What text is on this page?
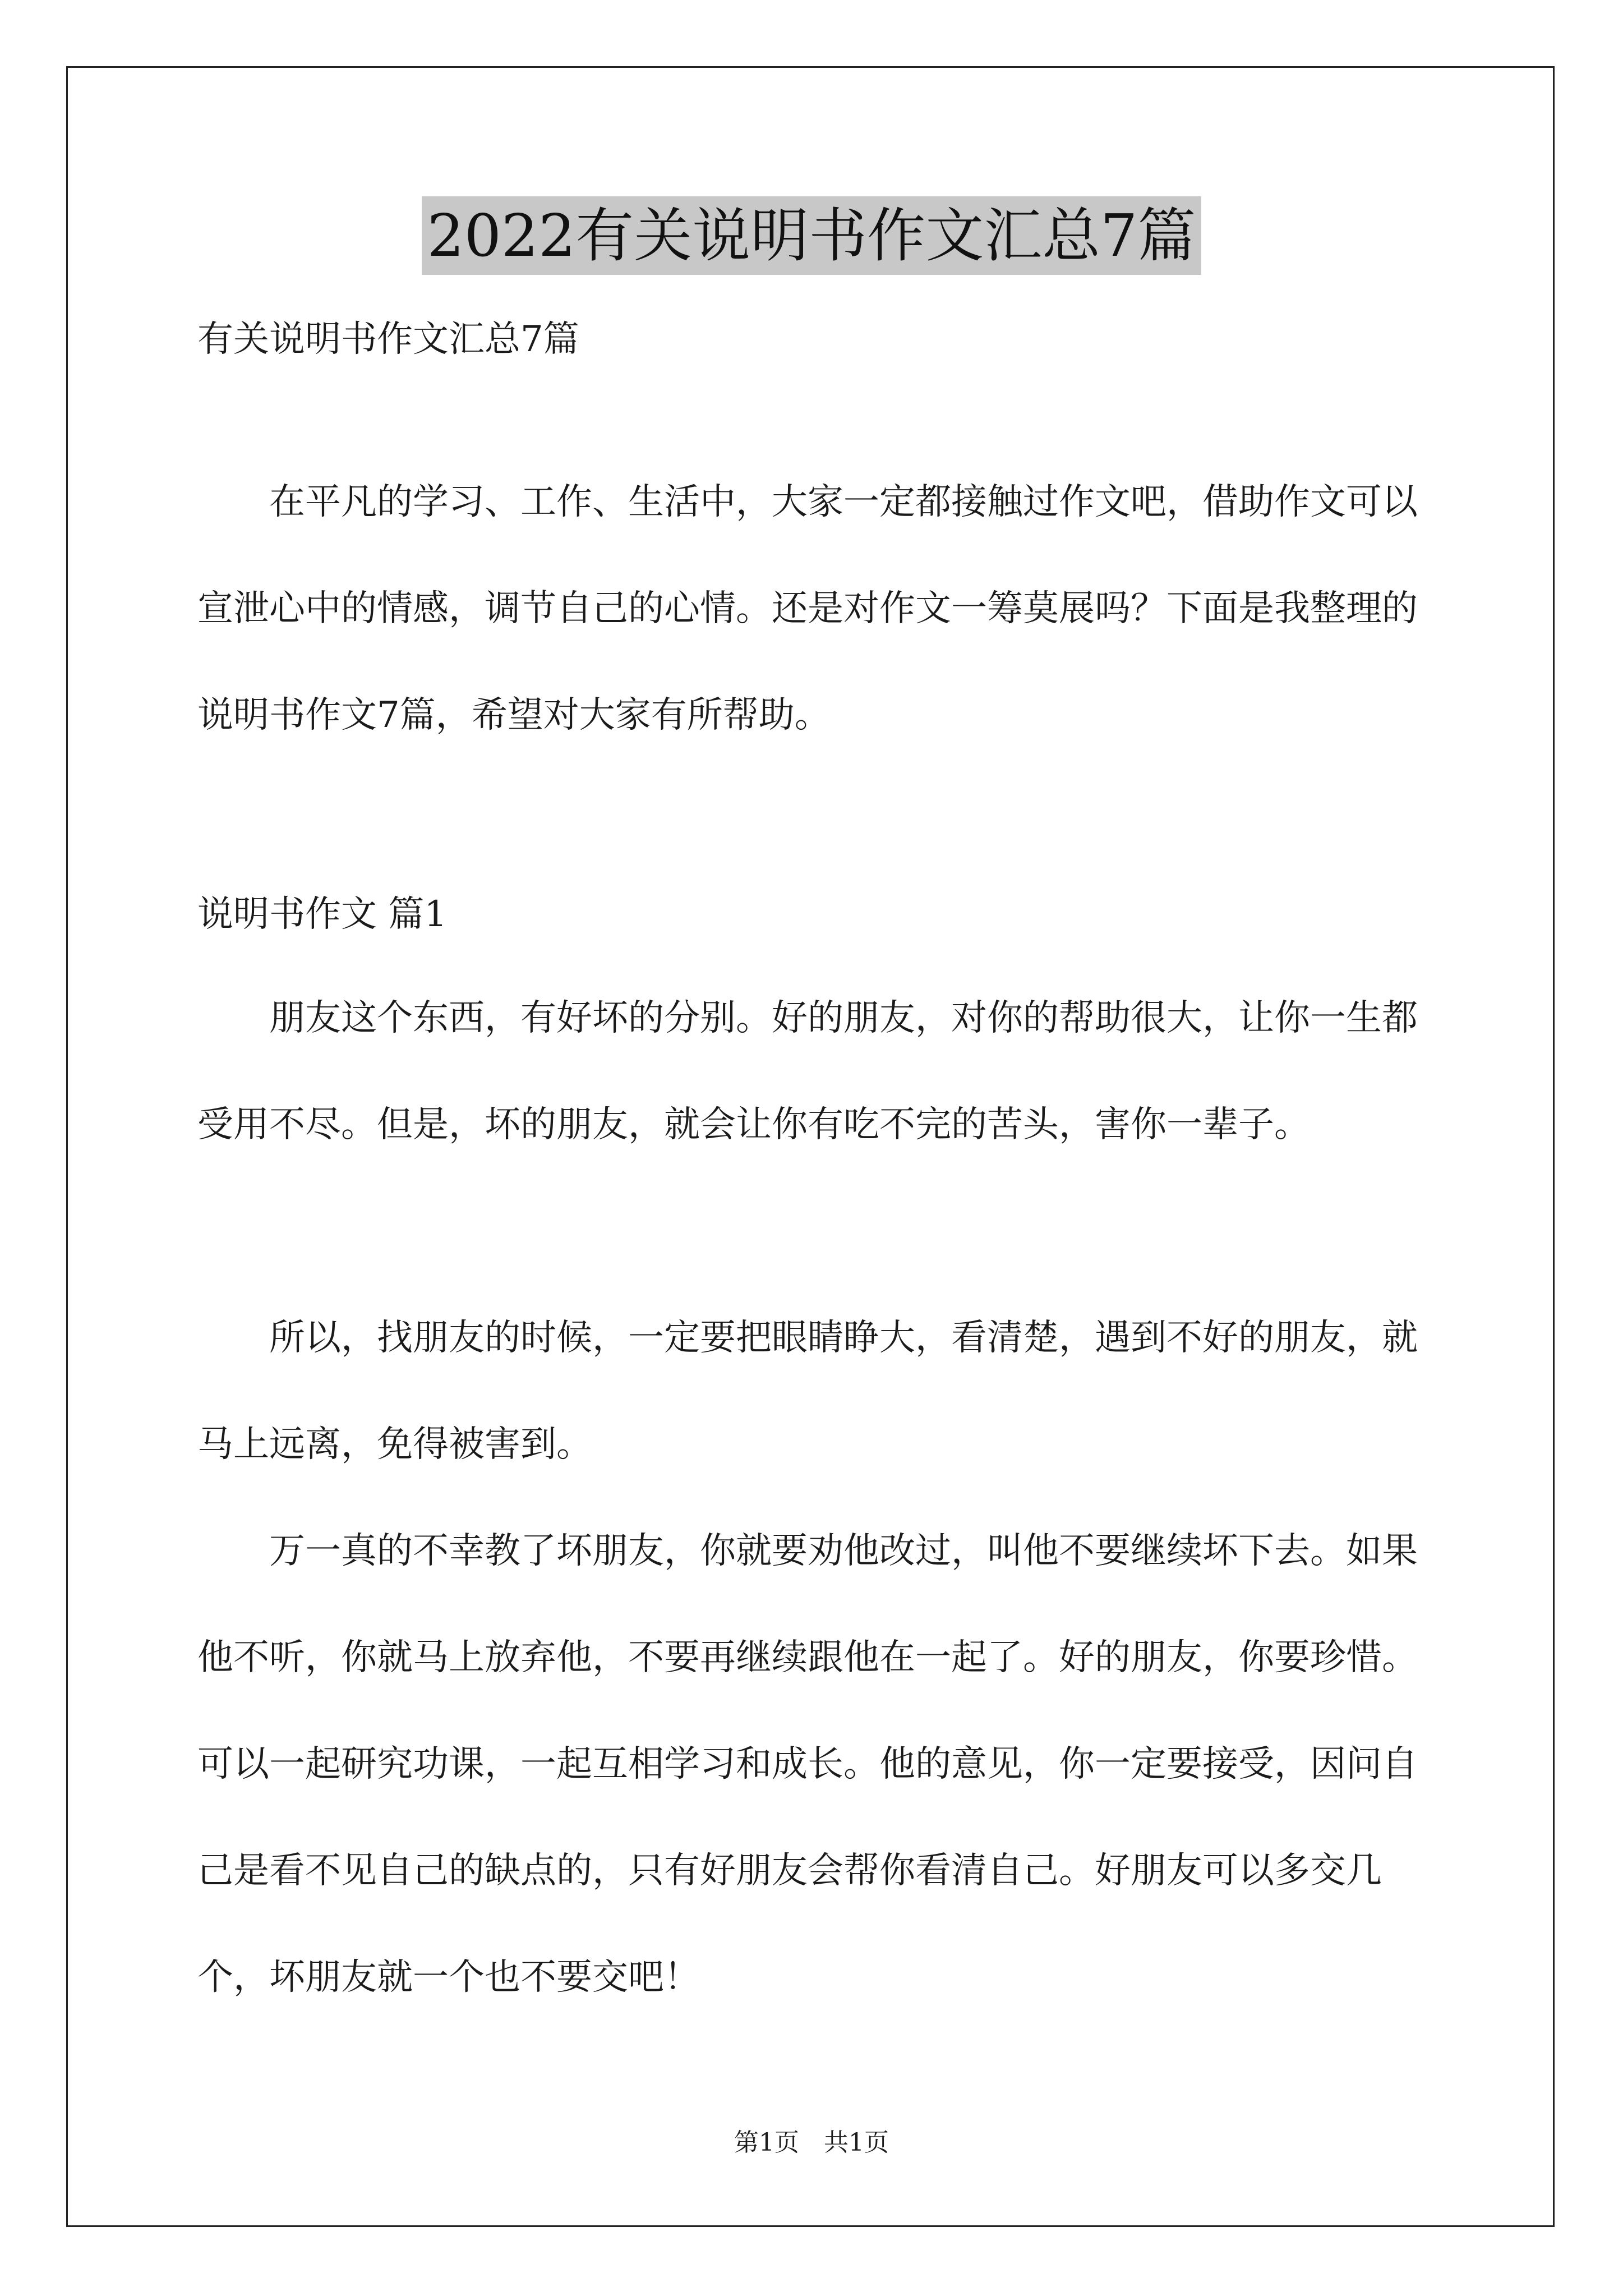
2022有关说明书作文汇总7篇
有关说明书作文汇总7篇
在平凡的学习、工作、生活中，大家一定都接触过作文吧，借助作文可以宣泄心中的情感，调节自己的心情。还是对作文一筹莫展吗？下面是我整理的说明书作文7篇，希望对大家有所帮助。
说明书作文 篇1
朋友这个东西，有好坏的分别。好的朋友，对你的帮助很大，让你一生都受用不尽。但是，坏的朋友，就会让你有吃不完的苦头，害你一辈子。
所以，找朋友的时候，一定要把眼睛睁大，看清楚，遇到不好的朋友，就马上远离，免得被害到。
万一真的不幸教了坏朋友，你就要劝他改过，叫他不要继续坏下去。如果他不听，你就马上放弃他，不要再继续跟他在一起了。好的朋友，你要珍惜。可以一起研究功课，一起互相学习和成长。他的意见，你一定要接受，因问自己是看不见自己的缺点的，只有好朋友会帮你看清自己。好朋友可以多交几个，坏朋友就一个也不要交吧！
第1页　共1页
